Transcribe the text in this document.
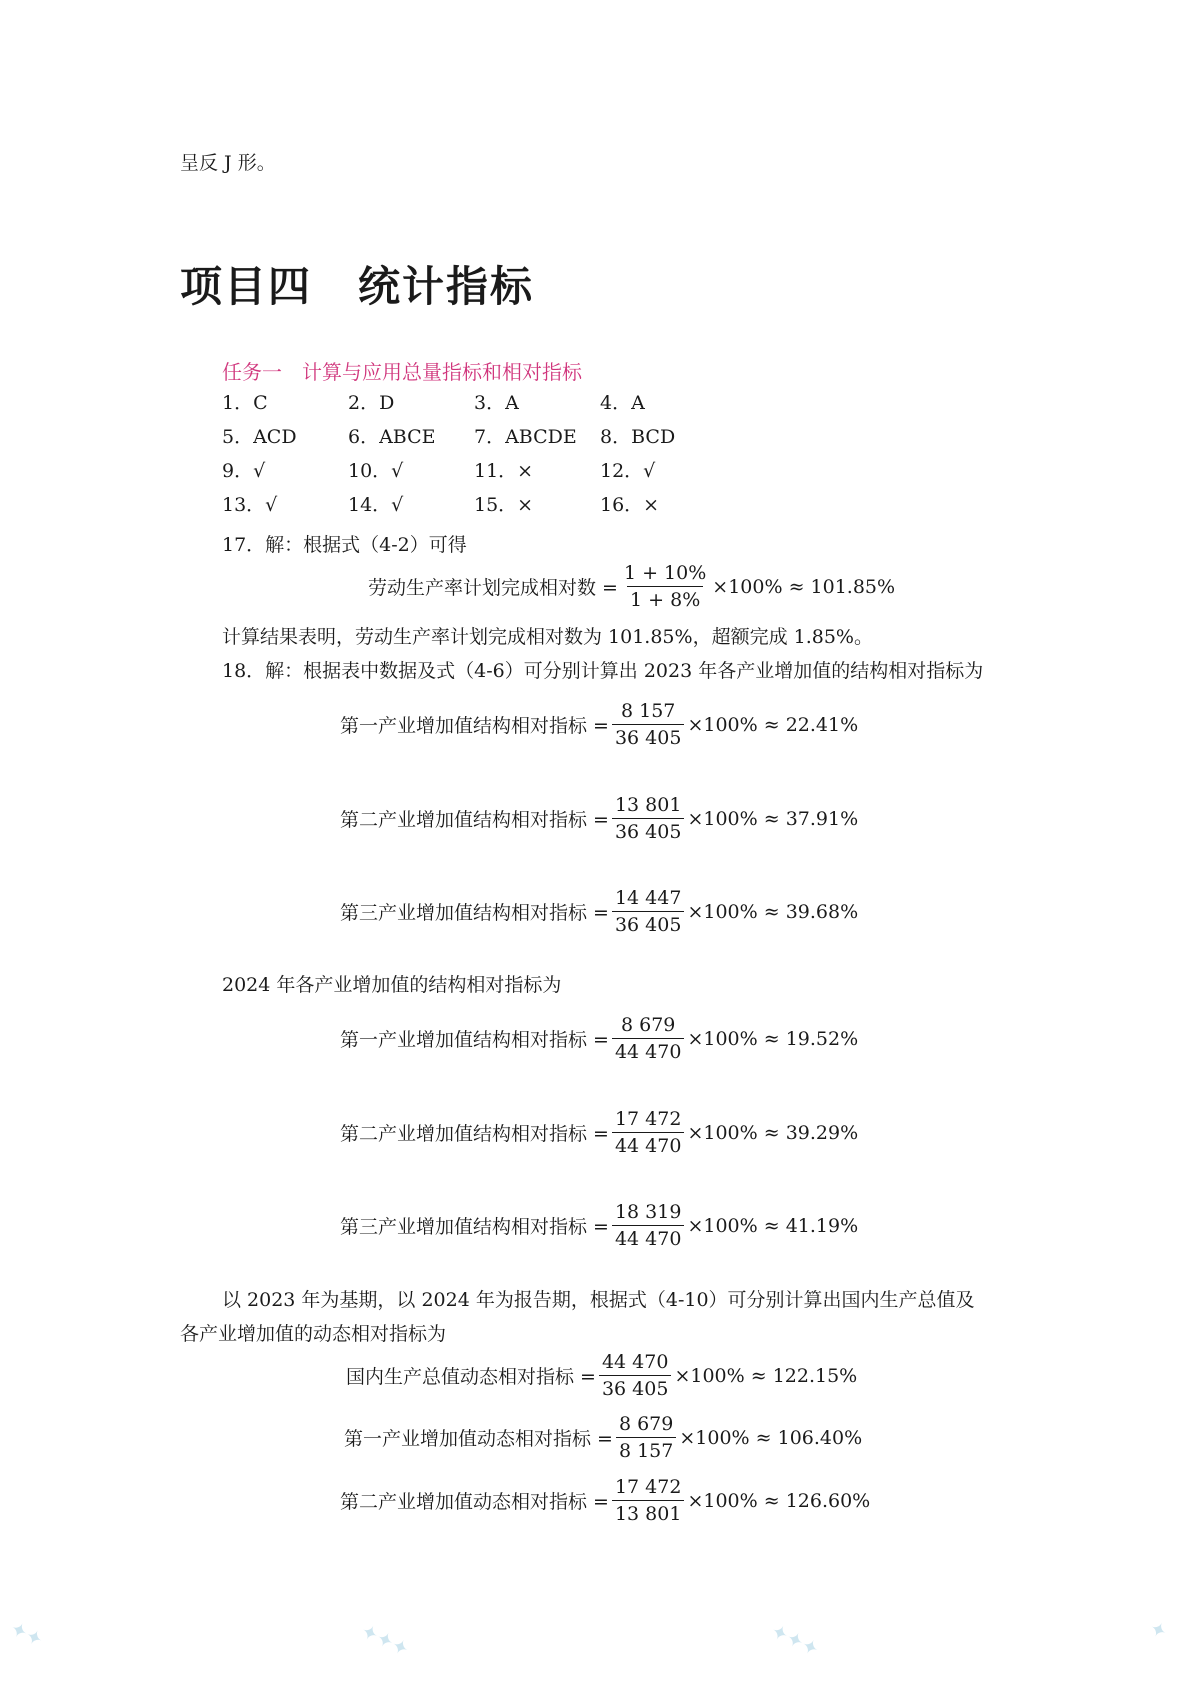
呈反 J 形。
项目四 统计指标
任务一　计算与应用总量指标和相对指标
1．C	2．D	3．A	4．A
5．ACD	6．ABCE 7．ABCDE 8．BCD
9．√	10．√	11．×	12．√
13．√	14．√	15．×	16．×
17．解：根据式（4-2）可得
劳动生产率计划完成相对数 = $\frac{1 + 10\%}{1 + 8\%} \times 100\% \approx 101.85\%$
计算结果表明，劳动生产率计划完成相对数为 101.85%，超额完成 1.85%。
18．解：根据表中数据及式（4-6）可分别计算出 2023 年各产业增加值的结构相对指标为
第一产业增加值结构相对指标 = $\frac{8 157}{36 405} \times 100\% \approx 22.41\%$
第二产业增加值结构相对指标 = $\frac{13 801}{36 405} \times 100\% \approx 37.91\%$
第三产业增加值结构相对指标 = $\frac{14 447}{36 405} \times 100\% \approx 39.68\%$
2024 年各产业增加值的结构相对指标为
第一产业增加值结构相对指标 = $\frac{8 679}{44 470} \times 100\% \approx 19.52\%$
第二产业增加值结构相对指标 = $\frac{17 472}{44 470} \times 100\% \approx 39.29\%$
第三产业增加值结构相对指标 = $\frac{18 319}{44 470} \times 100\% \approx 41.19\%$
以 2023 年为基期，以 2024 年为报告期，根据式（4-10）可分别计算出国内生产总值及
各产业增加值的动态相对指标为
国内生产总值动态相对指标 = $\frac{44 470}{36 405} \times 100\% \approx 122.15\%$
第一产业增加值动态相对指标 = $\frac{8 679}{8 157} \times 100\% \approx 106.40\%$
第二产业增加值动态相对指标 = $\frac{17 472}{13 801} \times 100\% \approx 126.60\%$
✦✦	✦✦✦	✦✦✦	✦
